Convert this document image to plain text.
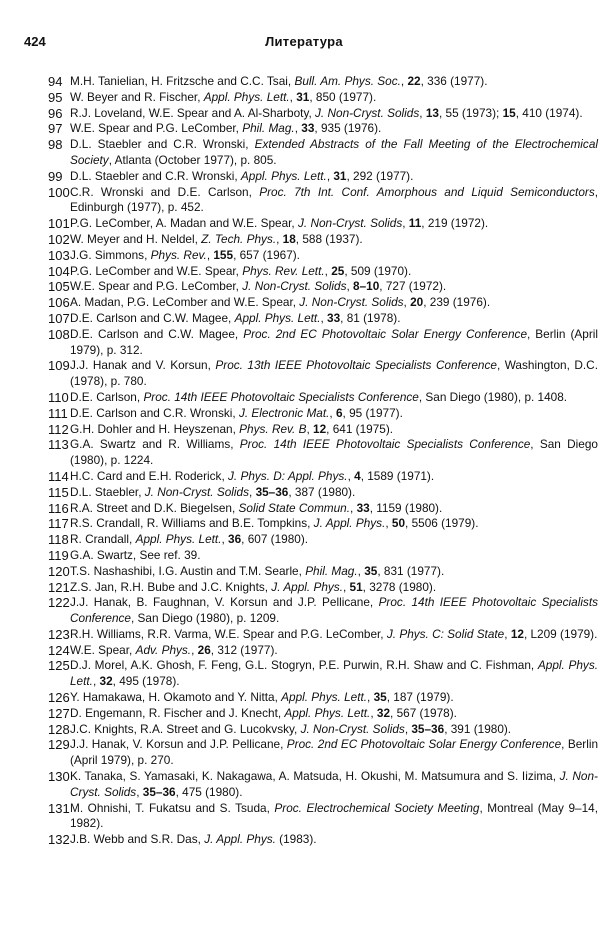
424	Литература
94 M.H. Tanielian, H. Fritzsche and C.C. Tsai, Bull. Am. Phys. Soc., 22, 336 (1977).
95 W. Beyer and R. Fischer, Appl. Phys. Lett., 31, 850 (1977).
96 R.J. Loveland, W.E. Spear and A. Al-Sharboty, J. Non-Cryst. Solids, 13, 55 (1973); 15, 410 (1974).
97 W.E. Spear and P.G. LeComber, Phil. Mag., 33, 935 (1976).
98 D.L. Staebler and C.R. Wronski, Extended Abstracts of the Fall Meeting of the Electrochemical Society, Atlanta (October 1977), p. 805.
99 D.L. Staebler and C.R. Wronski, Appl. Phys. Lett., 31, 292 (1977).
100 C.R. Wronski and D.E. Carlson, Proc. 7th Int. Conf. Amorphous and Liquid Semiconductors, Edinburgh (1977), p. 452.
101 P.G. LeComber, A. Madan and W.E. Spear, J. Non-Cryst. Solids, 11, 219 (1972).
102 W. Meyer and H. Neldel, Z. Tech. Phys., 18, 588 (1937).
103 J.G. Simmons, Phys. Rev., 155, 657 (1967).
104 P.G. LeComber and W.E. Spear, Phys. Rev. Lett., 25, 509 (1970).
105 W.E. Spear and P.G. LeComber, J. Non-Cryst. Solids, 8–10, 727 (1972).
106 A. Madan, P.G. LeComber and W.E. Spear, J. Non-Cryst. Solids, 20, 239 (1976).
107 D.E. Carlson and C.W. Magee, Appl. Phys. Lett., 33, 81 (1978).
108 D.E. Carlson and C.W. Magee, Proc. 2nd EC Photovoltaic Solar Energy Conference, Berlin (April 1979), p. 312.
109 J.J. Hanak and V. Korsun, Proc. 13th IEEE Photovoltaic Specialists Conference, Washington, D.C. (1978), p. 780.
110 D.E. Carlson, Proc. 14th IEEE Photovoltaic Specialists Conference, San Diego (1980), p. 1408.
111 D.E. Carlson and C.R. Wronski, J. Electronic Mat., 6, 95 (1977).
112 G.H. Dohler and H. Heyszenan, Phys. Rev. B, 12, 641 (1975).
113 G.A. Swartz and R. Williams, Proc. 14th IEEE Photovoltaic Specialists Conference, San Diego (1980), p. 1224.
114 H.C. Card and E.H. Roderick, J. Phys. D: Appl. Phys., 4, 1589 (1971).
115 D.L. Staebler, J. Non-Cryst. Solids, 35–36, 387 (1980).
116 R.A. Street and D.K. Biegelsen, Solid State Commun., 33, 1159 (1980).
117 R.S. Crandall, R. Williams and B.E. Tompkins, J. Appl. Phys., 50, 5506 (1979).
118 R. Crandall, Appl. Phys. Lett., 36, 607 (1980).
119 G.A. Swartz, See ref. 39.
120 T.S. Nashashibi, I.G. Austin and T.M. Searle, Phil. Mag., 35, 831 (1977).
121 Z.S. Jan, R.H. Bube and J.C. Knights, J. Appl. Phys., 51, 3278 (1980).
122 J.J. Hanak, B. Faughnan, V. Korsun and J.P. Pellicane, Proc. 14th IEEE Photovoltaic Specialists Conference, San Diego (1980), p. 1209.
123 R.H. Williams, R.R. Varma, W.E. Spear and P.G. LeComber, J. Phys. C: Solid State, 12, L209 (1979).
124 W.E. Spear, Adv. Phys., 26, 312 (1977).
125 D.J. Morel, A.K. Ghosh, F. Feng, G.L. Stogryn, P.E. Purwin, R.H. Shaw and C. Fishman, Appl. Phys. Lett., 32, 495 (1978).
126 Y. Hamakawa, H. Okamoto and Y. Nitta, Appl. Phys. Lett., 35, 187 (1979).
127 D. Engemann, R. Fischer and J. Knecht, Appl. Phys. Lett., 32, 567 (1978).
128 J.C. Knights, R.A. Street and G. Lucokvsky, J. Non-Cryst. Solids, 35–36, 391 (1980).
129 J.J. Hanak, V. Korsun and J.P. Pellicane, Proc. 2nd EC Photovoltaic Solar Energy Conference, Berlin (April 1979), p. 270.
130 K. Tanaka, S. Yamasaki, K. Nakagawa, A. Matsuda, H. Okushi, M. Matsumura and S. Iizima, J. Non-Cryst. Solids, 35–36, 475 (1980).
131 M. Ohnishi, T. Fukatsu and S. Tsuda, Proc. Electrochemical Society Meeting, Montreal (May 9–14, 1982).
132 J.B. Webb and S.R. Das, J. Appl. Phys. (1983).
